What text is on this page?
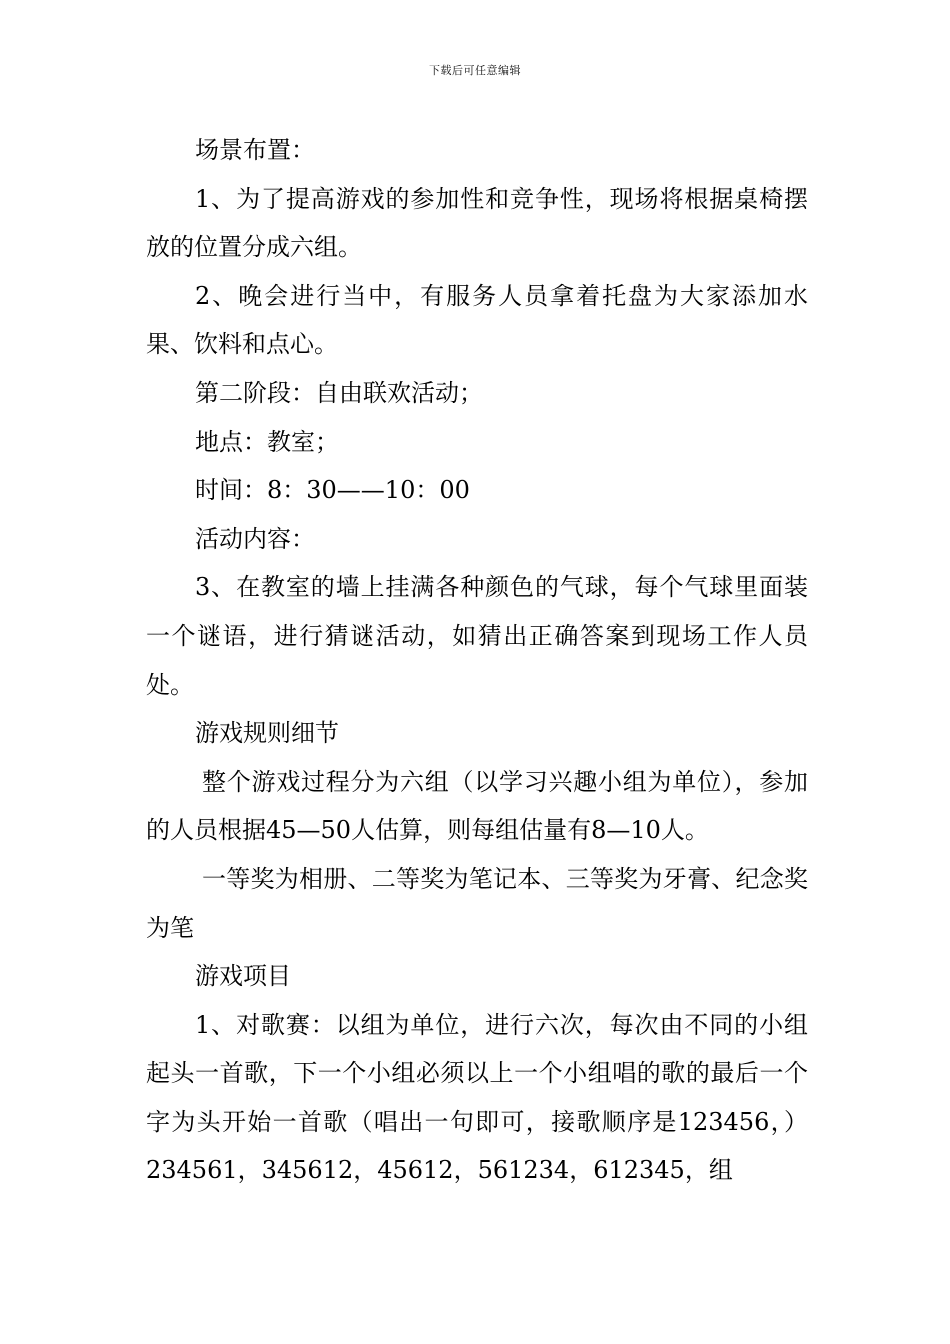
下载后可任意编辑

场景布置：

1、为了提高游戏的参加性和竞争性，现场将根据桌椅摆放的位置分成六组。

2、晚会进行当中，有服务人员拿着托盘为大家添加水果、饮料和点心。

第二阶段：自由联欢活动；

地点：教室；

时间：8：30——10：00

活动内容：

3、在教室的墙上挂满各种颜色的气球，每个气球里面装一个谜语，进行猜谜活动，如猜出正确答案到现场工作人员处。

游戏规则细节

整个游戏过程分为六组（以学习兴趣小组为单位），参加的人员根据45—50人估算，则每组估量有8—10人。

一等奖为相册、二等奖为笔记本、三等奖为牙膏、纪念奖为笔

游戏项目

1、对歌赛：以组为单位，进行六次，每次由不同的小组起头一首歌，下一个小组必须以上一个小组唱的歌的最后一个字为头开始一首歌（唱出一句即可，接歌顺序是123456，）234561，345612，45612，561234，612345，组
